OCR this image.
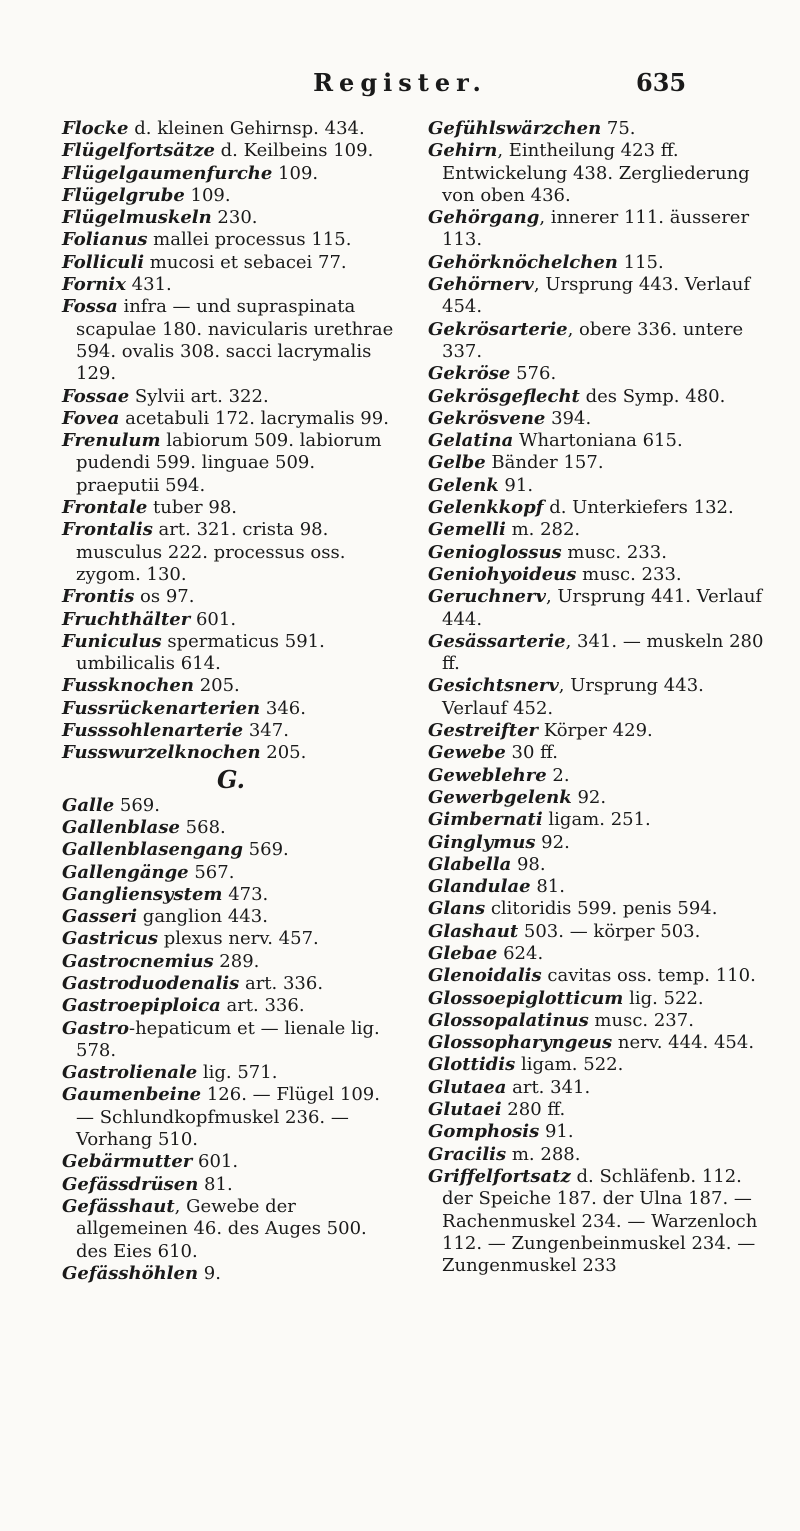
Register.	635

Flocke d. kleinen Gehirnsp. 434.

Flügelfortsätze d. Keilbeins 109.

Flügelgaumenfurche 109.

Flügelgrube 109.

Flügelmuskeln 230.

Folianus mallei processus 115.

Folliculi mucosi et sebacei 77.

Fornix 431.

Fossa infra — und supraspinata scapulae 180. navicularis urethrae 594. ovalis 308. sacci lacrymalis 129.

Fossae Sylvii art. 322.

Fovea acetabuli 172. lacrymalis 99.

Frenulum labiorum 509. labiorum pudendi 599. linguae 509. praeputii 594.

Frontale tuber 98.

Frontalis art. 321. crista 98. musculus 222. processus oss. zygom. 130.

Frontis os 97.

Fruchthälter 601.

Funiculus spermaticus 591. umbilicalis 614.

Fussknochen 205.

Fussrückenarterien 346.

Fusssohlenarterie 347.

Fusswurzelknochen 205.

G.

Galle 569.

Gallenblase 568.

Gallenblasengang 569.

Gallengänge 567.

Gangliensystem 473.

Gasseri ganglion 443.

Gastricus plexus nerv. 457.

Gastrocnemius 289.

Gastroduodenalis art. 336.

Gastroepiploica art. 336.

Gastro-hepaticum et — lienale lig. 578.

Gastrolienale lig. 571.

Gaumenbeine 126. — Flügel 109. — Schlundkopfmuskel 236. — Vorhang 510.

Gebärmutter 601.

Gefässdrüsen 81.

Gefässhaut, Gewebe der allgemeinen 46. des Auges 500. des Eies 610.

Gefässhöhlen 9.

Gefühlswärzchen 75.

Gehirn, Eintheilung 423 ff. Entwickelung 438. Zergliederung von oben 436.

Gehörgang, innerer 111. äusserer 113.

Gehörknöchelchen 115.

Gehörnerv, Ursprung 443. Verlauf 454.

Gekrösarterie, obere 336. untere 337.

Gekröse 576.

Gekrösgeflecht des Symp. 480.

Gekrösvene 394.

Gelatina Whartoniana 615.

Gelbe Bänder 157.

Gelenk 91.

Gelenkkopf d. Unterkiefers 132.

Gemelli m. 282.

Genioglossus musc. 233.

Geniohyoideus musc. 233.

Geruchnerv, Ursprung 441. Verlauf 444.

Gesässarterie, 341. — muskeln 280 ff.

Gesichtsnerv, Ursprung 443. Verlauf 452.

Gestreifter Körper 429.

Gewebe 30 ff.

Geweblehre 2.

Gewerbgelenk 92.

Gimbernati ligam. 251.

Ginglymus 92.

Glabella 98.

Glandulae 81.

Glans clitoridis 599. penis 594.

Glashaut 503. — körper 503.

Glebae 624.

Glenoidalis cavitas oss. temp. 110.

Glossoepiglotticum lig. 522.

Glossopalatinus musc. 237.

Glossopharyngeus nerv. 444. 454.

Glottidis ligam. 522.

Glutaea art. 341.

Glutaei 280 ff.

Gomphosis 91.

Gracilis m. 288.

Griffelfortsatz d. Schläfenb. 112. der Speiche 187. der Ulna 187. — Rachenmuskel 234. — Warzenloch 112. — Zungenbeinmuskel 234. — Zungenmuskel 233
